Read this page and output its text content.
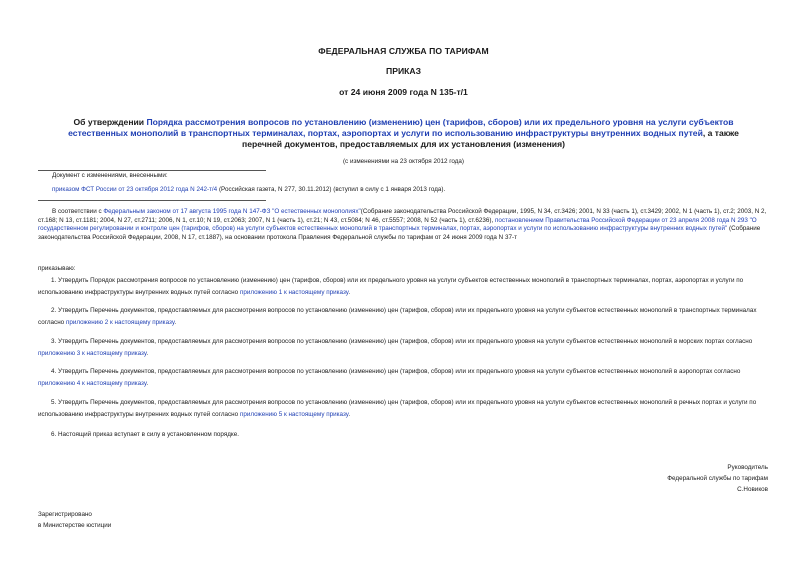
ФЕДЕРАЛЬНАЯ СЛУЖБА ПО ТАРИФАМ
ПРИКАЗ
от 24 июня 2009 года N 135-т/1
Об утверждении Порядка рассмотрения вопросов по установлению (изменению) цен (тарифов, сборов) или их предельного уровня на услуги субъектов естественных монополий в транспортных терминалах, портах, аэропортах и услуги по использованию инфраструктуры внутренних водных путей, а также перечней документов, предоставляемых для их установления (изменения)
(с изменениями на 23 октября 2012 года)
Документ с изменениями, внесенными:
приказом ФСТ России от 23 октября 2012 года N 242-т/4 (Российская газета, N 277, 30.11.2012) (вступил в силу с 1 января 2013 года).
В соответствии с Федеральным законом от 17 августа 1995 года N 147-ФЗ "О естественных монополиях"(Собрание законодательства Российской Федерации, 1995, N 34, ст.3426; 2001, N 33 (часть 1), ст.3429; 2002, N 1 (часть 1), ст.2; 2003, N 2, ст.168; N 13, ст.1181; 2004, N 27, ст.2711; 2006, N 1, ст.10; N 19, ст.2063; 2007, N 1 (часть 1), ст.21; N 43, ст.5084; N 46, ст.5557; 2008, N 52 (часть 1), ст.6236), постановлением Правительства Российской Федерации от 23 апреля 2008 года N 293 "О государственном регулировании и контроле цен (тарифов, сборов) на услуги субъектов естественных монополий в транспортных терминалах, портах, аэропортах и услуги по использованию инфраструктуры внутренних водных путей" (Собрание законодательства Российской Федерации, 2008, N 17, ст.1887), на основании протокола Правления Федеральной службы по тарифам от 24 июня 2009 года N 37-т
приказываю:
1. Утвердить Порядок рассмотрения вопросов по установлению (изменению) цен (тарифов, сборов) или их предельного уровня на услуги субъектов естественных монополий в транспортных терминалах, портах, аэропортах и услуги по использованию инфраструктуры внутренних водных путей согласно приложению 1 к настоящему приказу.
2. Утвердить Перечень документов, предоставляемых для рассмотрения вопросов по установлению (изменению) цен (тарифов, сборов) или их предельного уровня на услуги субъектов естественных монополий в транспортных терминалах согласно приложению 2 к настоящему приказу.
3. Утвердить Перечень документов, предоставляемых для рассмотрения вопросов по установлению (изменению) цен (тарифов, сборов) или их предельного уровня на услуги субъектов естественных монополий в морских портах согласно приложению 3 к настоящему приказу.
4. Утвердить Перечень документов, предоставляемых для рассмотрения вопросов по установлению (изменению) цен (тарифов, сборов) или их предельного уровня на услуги субъектов естественных монополий в аэропортах согласно приложению 4 к настоящему приказу.
5. Утвердить Перечень документов, предоставляемых для рассмотрения вопросов по установлению (изменению) цен (тарифов, сборов) или их предельного уровня на услуги субъектов естественных монополий в речных портах и услуги по использованию инфраструктуры внутренних водных путей согласно приложению 5 к настоящему приказу.
6. Настоящий приказ вступает в силу в установленном порядке.
Руководитель
Федеральной службы по тарифам
С.Новиков
Зарегистрировано
в Министерстве юстиции
